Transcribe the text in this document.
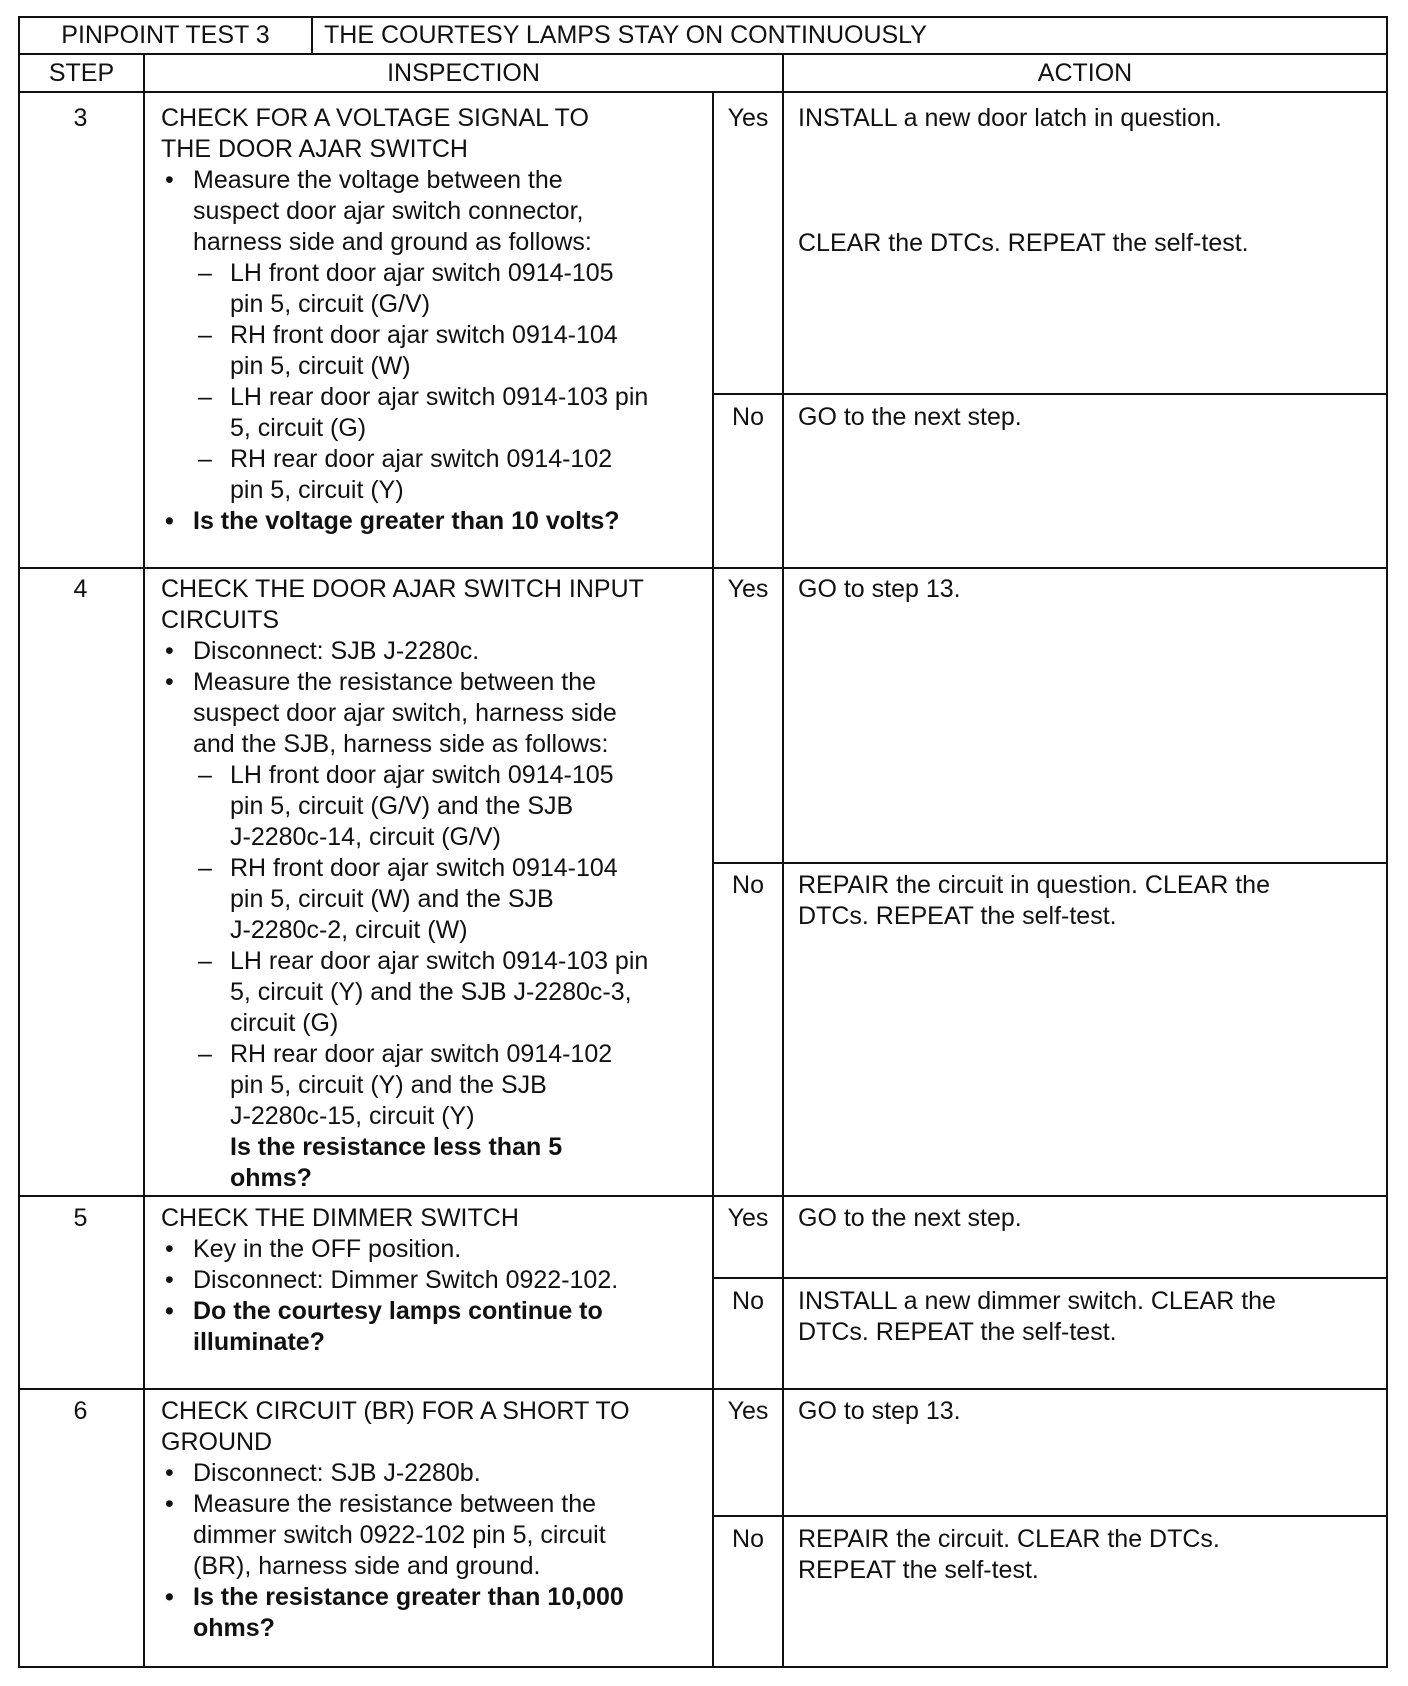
PINPOINT TEST 3	THE COURTESY LAMPS STAY ON CONTINUOUSLY
STEP	INSPECTION	ACTION
3	CHECK FOR A VOLTAGE SIGNAL TO
THE DOOR AJAR SWITCH
• Measure the voltage between the
suspect door ajar switch connector,
harness side and ground as follows:
– LH front door ajar switch 0914-105
pin 5, circuit (G/V)
– RH front door ajar switch 0914-104
pin 5, circuit (W)
– LH rear door ajar switch 0914-103 pin
5, circuit (G)
– RH rear door ajar switch 0914-102
pin 5, circuit (Y)
• Is the voltage greater than 10 volts?
Yes	INSTALL a new door latch in question.
CLEAR the DTCs. REPEAT the self-test.
No	GO to the next step.
4	CHECK THE DOOR AJAR SWITCH INPUT
CIRCUITS
• Disconnect: SJB J-2280c.
• Measure the resistance between the
suspect door ajar switch, harness side
and the SJB, harness side as follows:
– LH front door ajar switch 0914-105
pin 5, circuit (G/V) and the SJB
J-2280c-14, circuit (G/V)
– RH front door ajar switch 0914-104
pin 5, circuit (W) and the SJB
J-2280c-2, circuit (W)
– LH rear door ajar switch 0914-103 pin
5, circuit (Y) and the SJB J-2280c-3,
circuit (G)
– RH rear door ajar switch 0914-102
pin 5, circuit (Y) and the SJB
J-2280c-15, circuit (Y)
Is the resistance less than 5
ohms?
Yes	GO to step 13.
No	REPAIR the circuit in question. CLEAR the
DTCs. REPEAT the self-test.
5	CHECK THE DIMMER SWITCH
• Key in the OFF position.
• Disconnect: Dimmer Switch 0922-102.
• Do the courtesy lamps continue to
illuminate?
Yes	GO to the next step.
No	INSTALL a new dimmer switch. CLEAR the
DTCs. REPEAT the self-test.
6	CHECK CIRCUIT (BR) FOR A SHORT TO
GROUND
• Disconnect: SJB J-2280b.
• Measure the resistance between the
dimmer switch 0922-102 pin 5, circuit
(BR), harness side and ground.
• Is the resistance greater than 10,000
ohms?
Yes	GO to step 13.
No	REPAIR the circuit. CLEAR the DTCs.
REPEAT the self-test.
